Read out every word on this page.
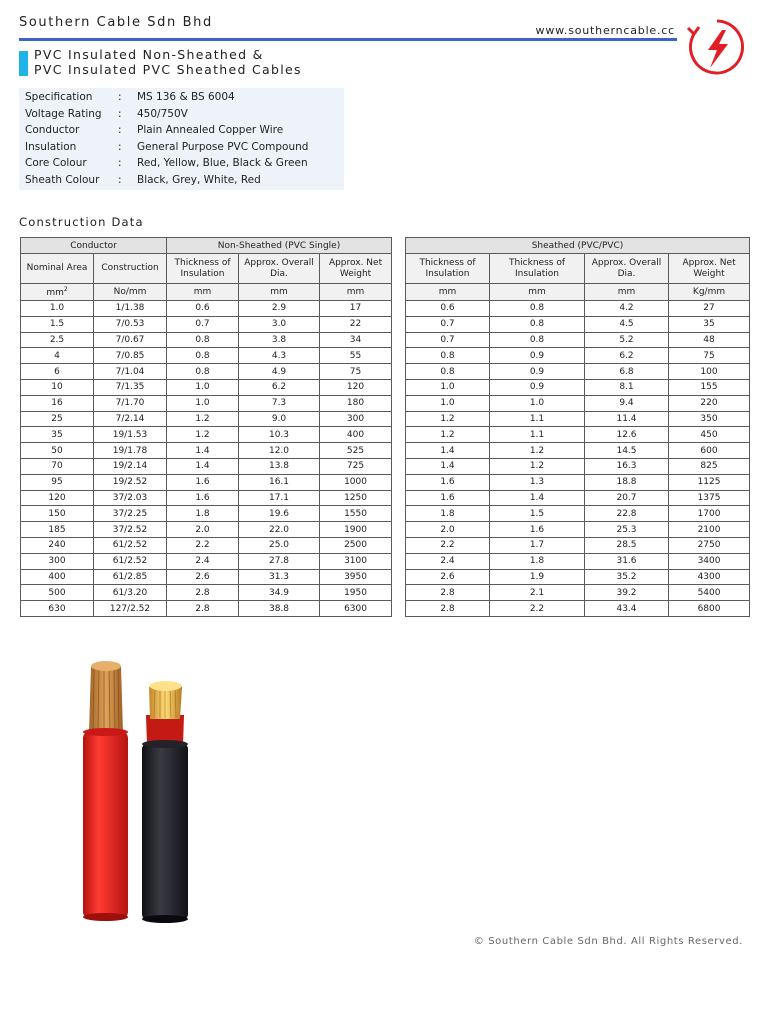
Southern Cable Sdn Bhd
www.southerncable.cc
PVC Insulated Non-Sheathed &
PVC Insulated PVC Sheathed Cables
Specification : MS 136 & BS 6004
Voltage Rating : 450/750V
Conductor	: Plain Annealed Copper Wire
Insulation	: General Purpose PVC Compound
Core Colour	: Red, Yellow, Blue, Black & Green
Sheath Colour : Black, Grey, White, Red
Construction Data
Conductor		Non-Sheathed (PVC Single)		
Nominal Area	Construction	Thickness of Insulation	Approx. Overall Dia.	Approx. Net Weight
$mm^2$	No/mm	mm	mm	mm
1.0	1/1.38	0.6	2.9	17
1.5	7/0.53	0.7	3.0	22
2.5	7/0.67	0.8	3.8	34
4	7/0.85	0.8	4.3	55
6	7/1.04	0.8	4.9	75
10	7/1.35	1.0	6.2	120
16	7/1.70	1.0	7.3	180
25	7/2.14	1.2	9.0	300
35	19/1.53	1.2	10.3	400
50	19/1.78	1.4	12.0	525
70	19/2.14	1.4	13.8	725
95	19/2.52	1.6	16.1	1000
120	37/2.03	1.6	17.1	1250
150	37/2.25	1.8	19.6	1550
185	37/2.52	2.0	22.0	1900
240	61/2.52	2.2	25.0	2500
300	61/2.52	2.4	27.8	3100
400	61/2.85	2.6	31.3	3950
500	61/3.20	2.8	34.9	1950
630	127/2.52	2.8	38.8	6300
Sheathed (PVC/PVC)			
Thickness of Insulation	Thickness of Insulation	Approx. Overall Dia.	Approx. Net Weight
mm	mm	mm	Kg/mm
0.6	0.8	4.2	27
0.7	0.8	4.5	35
0.7	0.8	5.2	48
0.8	0.9	6.2	75
0.8	0.9	6.8	100
1.0	0.9	8.1	155
1.0	1.0	9.4	220
1.2	1.1	11.4	350
1.2	1.1	12.6	450
1.4	1.2	14.5	600
1.4	1.2	16.3	825
1.6	1.3	18.8	1125
1.6	1.4	20.7	1375
1.8	1.5	22.8	1700
2.0	1.6	25.3	2100
2.2	1.7	28.5	2750
2.4	1.8	31.6	3400
2.6	1.9	35.2	4300
2.8	2.1	39.2	5400
2.8	2.2	43.4	6800
© Southern Cable Sdn Bhd. All Rights Reserved.
